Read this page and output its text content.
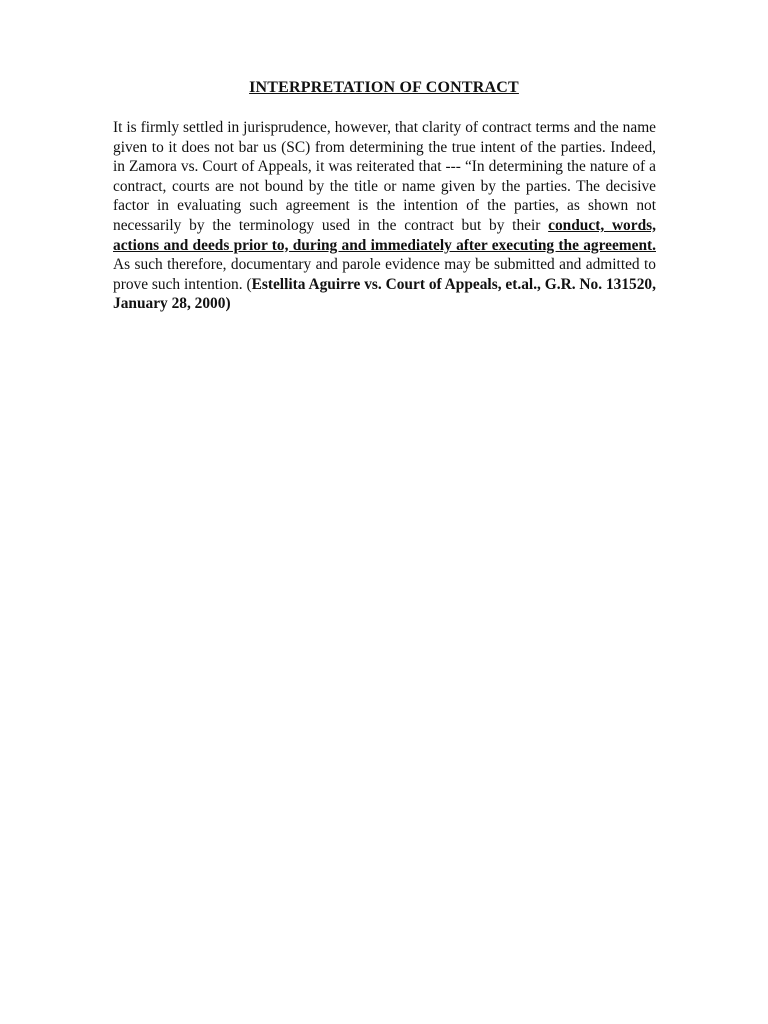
INTERPRETATION OF CONTRACT

It is firmly settled in jurisprudence, however, that clarity of contract terms and the name given to it does not bar us (SC) from determining the true intent of the parties. Indeed, in Zamora vs. Court of Appeals, it was reiterated that --- “In determining the nature of a contract, courts are not bound by the title or name given by the parties. The decisive factor in evaluating such agreement is the intention of the parties, as shown not necessarily by the terminology used in the contract but by their conduct, words, actions and deeds prior to, during and immediately after executing the agreement. As such therefore, documentary and parole evidence may be submitted and admitted to prove such intention. (Estellita Aguirre vs. Court of Appeals, et.al., G.R. No. 131520, January 28, 2000)
